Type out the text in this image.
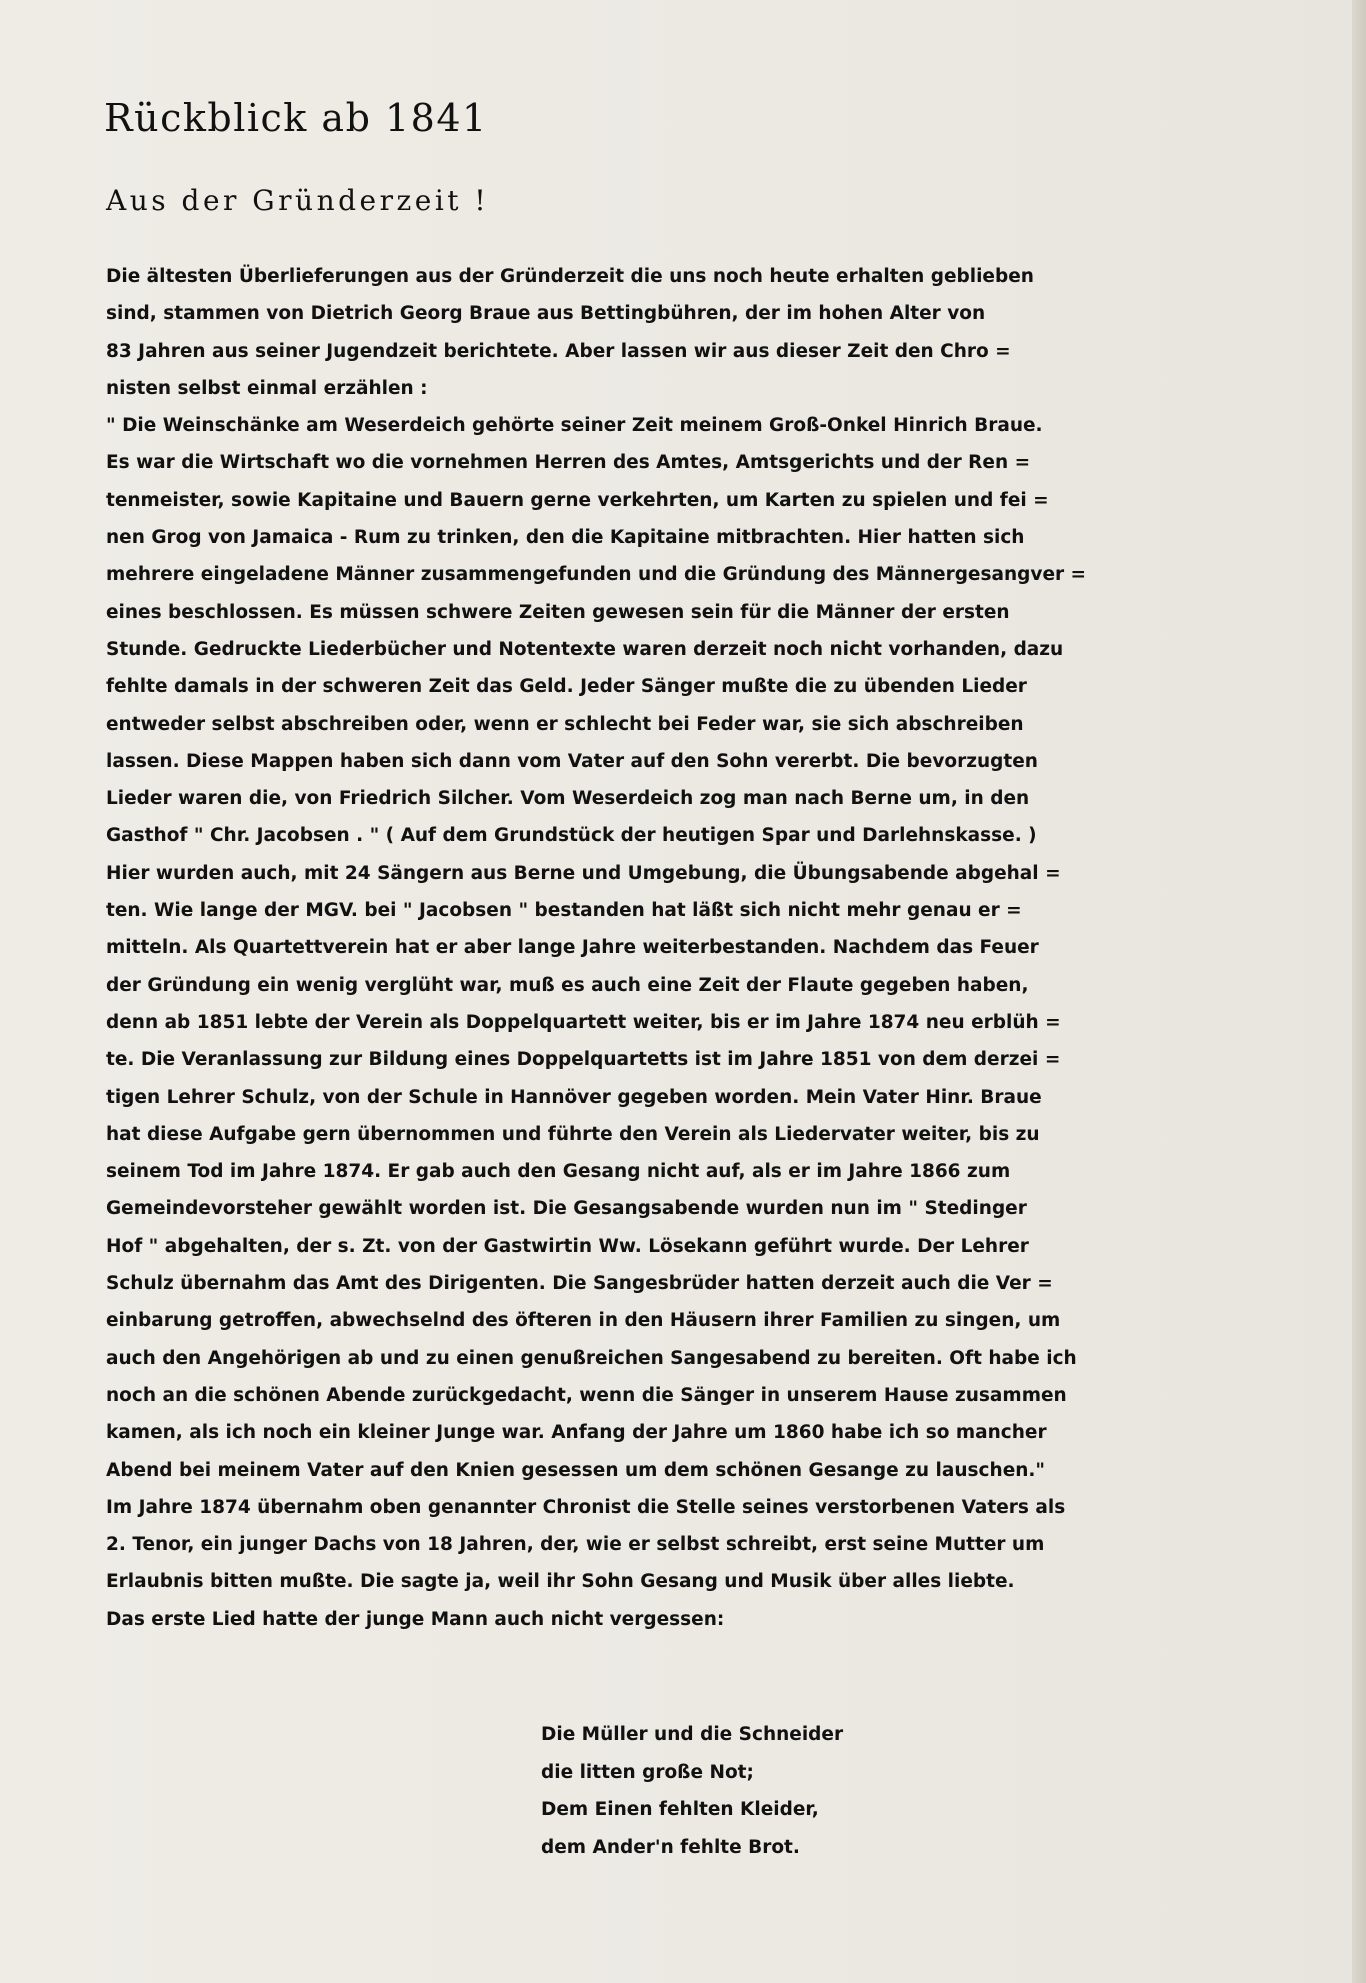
Rückblick ab 1841
Aus der Gründerzeit !
Die ältesten Überlieferungen aus der Gründerzeit die uns noch heute erhalten geblieben
sind, stammen von Dietrich Georg Braue aus Bettingbühren, der im hohen Alter von
83 Jahren aus seiner Jugendzeit berichtete. Aber lassen wir aus dieser Zeit den Chro =
nisten selbst einmal erzählen :
" Die Weinschänke am Weserdeich gehörte seiner Zeit meinem Groß-Onkel Hinrich Braue.
Es war die Wirtschaft wo die vornehmen Herren des Amtes, Amtsgerichts und der Ren =
tenmeister, sowie Kapitaine und Bauern gerne verkehrten, um Karten zu spielen und fei =
nen Grog von Jamaica - Rum zu trinken, den die Kapitaine mitbrachten. Hier hatten sich
mehrere eingeladene Männer zusammengefunden und die Gründung des Männergesangver =
eines beschlossen. Es müssen schwere Zeiten gewesen sein für die Männer der ersten
Stunde. Gedruckte Liederbücher und Notentexte waren derzeit noch nicht vorhanden, dazu
fehlte damals in der schweren Zeit das Geld. Jeder Sänger mußte die zu übenden Lieder
entweder selbst abschreiben oder, wenn er schlecht bei Feder war, sie sich abschreiben
lassen. Diese Mappen haben sich dann vom Vater auf den Sohn vererbt. Die bevorzugten
Lieder waren die, von Friedrich Silcher. Vom Weserdeich zog man nach Berne um, in den
Gasthof " Chr. Jacobsen . " ( Auf dem Grundstück der heutigen Spar und Darlehnskasse. )
Hier wurden auch, mit 24 Sängern aus Berne und Umgebung, die Übungsabende abgehal =
ten. Wie lange der MGV. bei " Jacobsen " bestanden hat läßt sich nicht mehr genau er =
mitteln. Als Quartettverein hat er aber lange Jahre weiterbestanden. Nachdem das Feuer
der Gründung ein wenig verglüht war, muß es auch eine Zeit der Flaute gegeben haben,
denn ab 1851 lebte der Verein als Doppelquartett weiter, bis er im Jahre 1874 neu erblüh =
te. Die Veranlassung zur Bildung eines Doppelquartetts ist im Jahre 1851 von dem derzei =
tigen Lehrer Schulz, von der Schule in Hannöver gegeben worden. Mein Vater Hinr. Braue
hat diese Aufgabe gern übernommen und führte den Verein als Liedervater weiter, bis zu
seinem Tod im Jahre 1874. Er gab auch den Gesang nicht auf, als er im Jahre 1866 zum
Gemeindevorsteher gewählt worden ist. Die Gesangsabende wurden nun im " Stedinger
Hof " abgehalten, der s. Zt. von der Gastwirtin Ww. Lösekann geführt wurde. Der Lehrer
Schulz übernahm das Amt des Dirigenten. Die Sangesbrüder hatten derzeit auch die Ver =
einbarung getroffen, abwechselnd des öfteren in den Häusern ihrer Familien zu singen, um
auch den Angehörigen ab und zu einen genußreichen Sangesabend zu bereiten. Oft habe ich
noch an die schönen Abende zurückgedacht, wenn die Sänger in unserem Hause zusammen
kamen, als ich noch ein kleiner Junge war. Anfang der Jahre um 1860 habe ich so mancher
Abend bei meinem Vater auf den Knien gesessen um dem schönen Gesange zu lauschen."
Im Jahre 1874 übernahm oben genannter Chronist die Stelle seines verstorbenen Vaters als
2. Tenor, ein junger Dachs von 18 Jahren, der, wie er selbst schreibt, erst seine Mutter um
Erlaubnis bitten mußte. Die sagte ja, weil ihr Sohn Gesang und Musik über alles liebte.
Das erste Lied hatte der junge Mann auch nicht vergessen:
Die Müller und die Schneider
die litten große Not;
Dem Einen fehlten Kleider,
dem Ander'n fehlte Brot.
